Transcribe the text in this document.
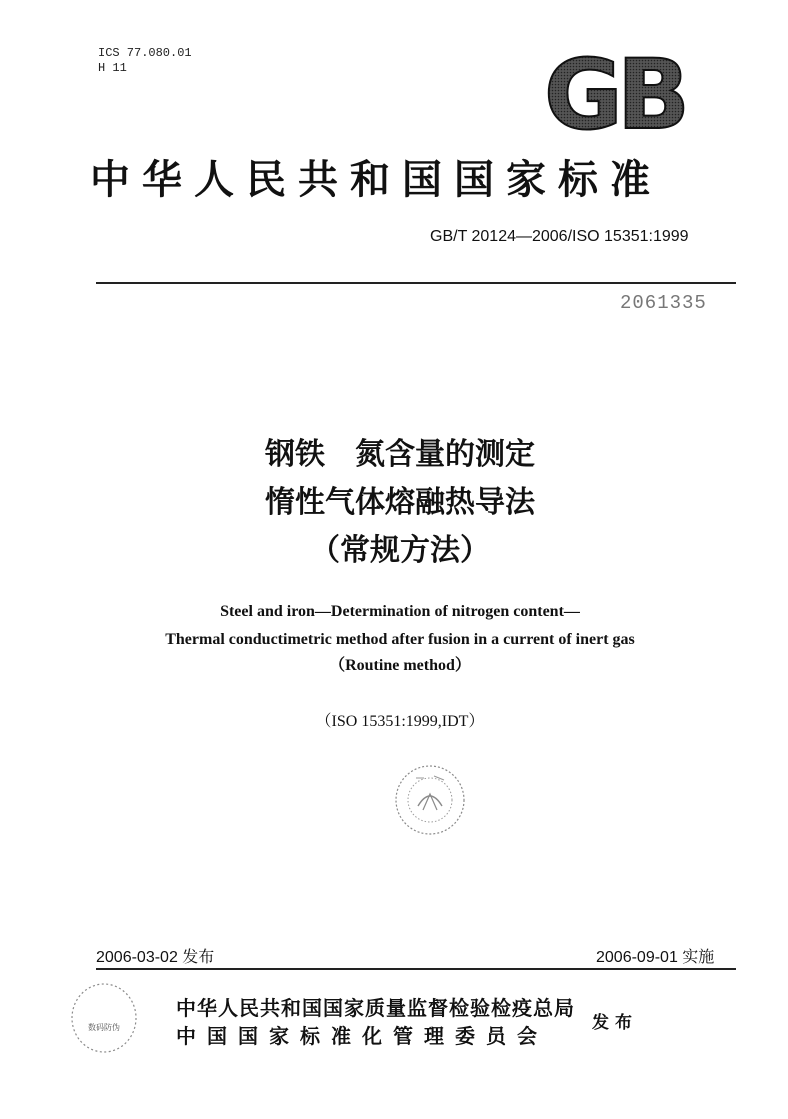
ICS 77.080.01
H 11	GB
中华人民共和国国家标准
GB/T 20124—2006/ISO 15351:1999
2061335
钢铁　氮含量的测定
惰性气体熔融热导法
（常规方法）
Steel and iron—Determination of nitrogen content—
Thermal conductimetric method after fusion in a current of inert gas
（Routine method）
（ISO 15351:1999,IDT）
2006-03-02 发布	2006-09-01 实施
数码防伪
中华人民共和国国家质量监督检验检疫总局
中国国家标准化管理委员会
发布
